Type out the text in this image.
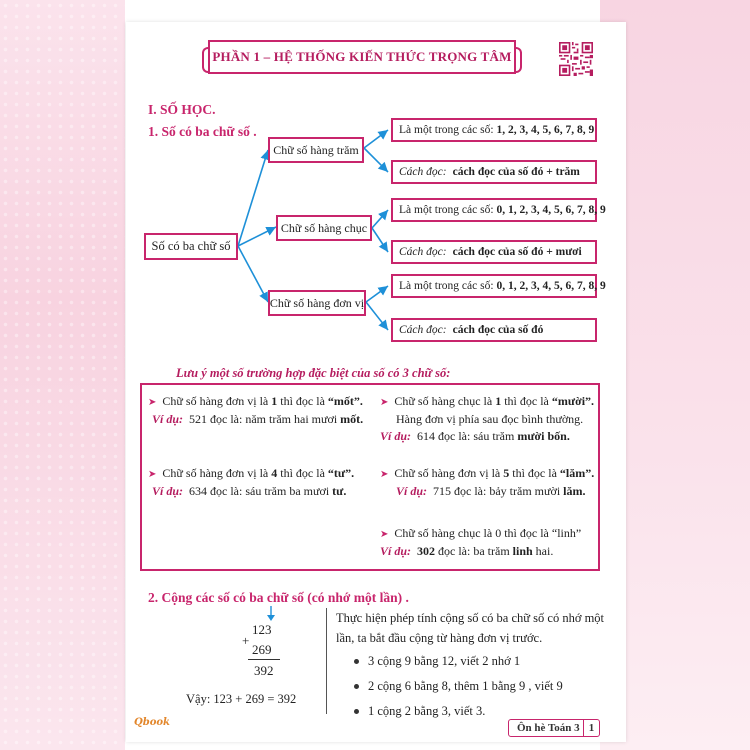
PHẦN 1 – HỆ THỐNG KIẾN THỨC TRỌNG TÂM
I. SỐ HỌC.
1. Số có ba chữ số .
Số có ba chữ số
Chữ số hàng trăm
Chữ số hàng chục
Chữ số hàng đơn vị
Là một trong các số: 1, 2, 3, 4, 5, 6, 7, 8, 9
Cách đọc: cách đọc của số đó + trăm
Là một trong các số: 0, 1, 2, 3, 4, 5, 6, 7, 8, 9
Cách đọc: cách đọc của số đó + mươi
Là một trong các số: 0, 1, 2, 3, 4, 5, 6, 7, 8, 9
Cách đọc: cách đọc của số đó
Lưu ý một số trường hợp đặc biệt của số có 3 chữ số:
➤ Chữ số hàng đơn vị là 1 thì đọc là “mốt”.
Ví dụ: 521 đọc là: năm trăm hai mươi mốt.
➤ Chữ số hàng chục là 1 thì đọc là “mười”.
Hàng đơn vị phía sau đọc bình thường.
Ví dụ: 614 đọc là: sáu trăm mười bốn.
➤ Chữ số hàng đơn vị là 4 thì đọc là “tư”.
Ví dụ: 634 đọc là: sáu trăm ba mươi tư.
➤ Chữ số hàng đơn vị là 5 thì đọc là “lăm”.
Ví dụ: 715 đọc là: bảy trăm mười lăm.
➤ Chữ số hàng chục là 0 thì đọc là “linh”
Ví dụ: 302 đọc là: ba trăm linh hai.
2. Cộng các số có ba chữ số (có nhớ một lần) .
123
+
269
392
Vậy: 123 + 269 = 392
Thực hiện phép tính cộng số có ba chữ số có nhớ một lần, ta bắt đầu cộng từ hàng đơn vị trước.
3 cộng 9 bằng 12, viết 2 nhớ 1
2 cộng 6 bằng 8, thêm 1 bằng 9 , viết 9
1 cộng 2 bằng 3, viết 3.
Qbook	Ôn hè Toán 3 1
